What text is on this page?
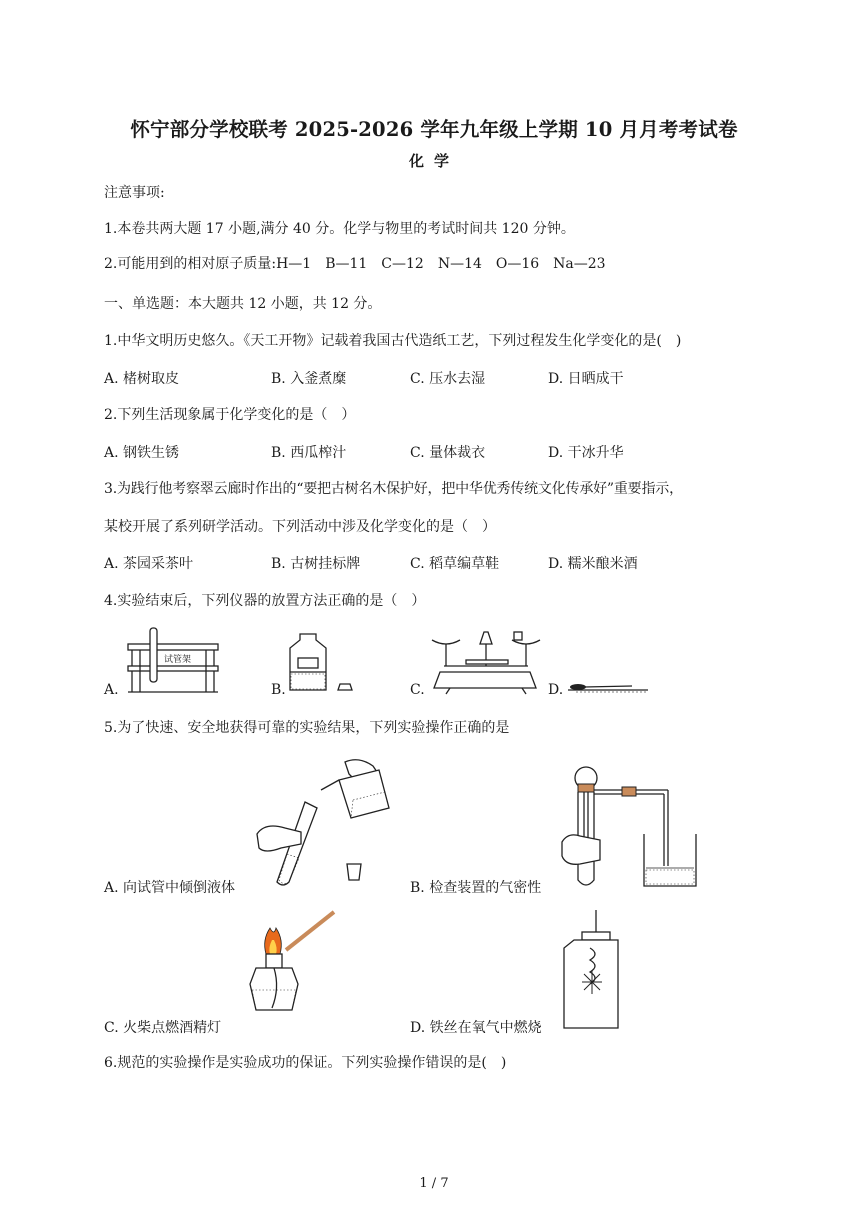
怀宁部分学校联考 2025-2026 学年九年级上学期 10 月月考考试卷
化学
注意事项:
1.本卷共两大题 17 小题,满分 40 分。化学与物里的考试时间共 120 分钟。
2.可能用到的相对原子质量:H—1　B—11　C—12　N—14　O—16　Na—23
一、单选题：本大题共 12 小题，共 12 分。
1.中华文明历史悠久。《天工开物》记载着我国古代造纸工艺，下列过程发生化学变化的是(　)
A. 楮树取皮	B. 入釜煮糜	C. 压水去湿	D. 日晒成干
2.下列生活现象属于化学变化的是（　）
A. 钢铁生锈	B. 西瓜榨汁	C. 量体裁衣	D. 干冰升华
3.为践行他考察翠云廊时作出的“要把古树名木保护好，把中华优秀传统文化传承好”重要指示，
某校开展了系列研学活动。下列活动中涉及化学变化的是（　）
A. 茶园采茶叶	B. 古树挂标牌	C. 稻草编草鞋	D. 糯米酿米酒
4.实验结束后，下列仪器的放置方法正确的是（　）
A.	B.	C.	D.
试管架
5.为了快速、安全地获得可靠的实验结果，下列实验操作正确的是
A. 向试管中倾倒液体	B. 检查装置的气密性
C. 火柴点燃酒精灯	D. 铁丝在氧气中燃烧
6.规范的实验操作是实验成功的保证。下列实验操作错误的是(　)
1 / 7
